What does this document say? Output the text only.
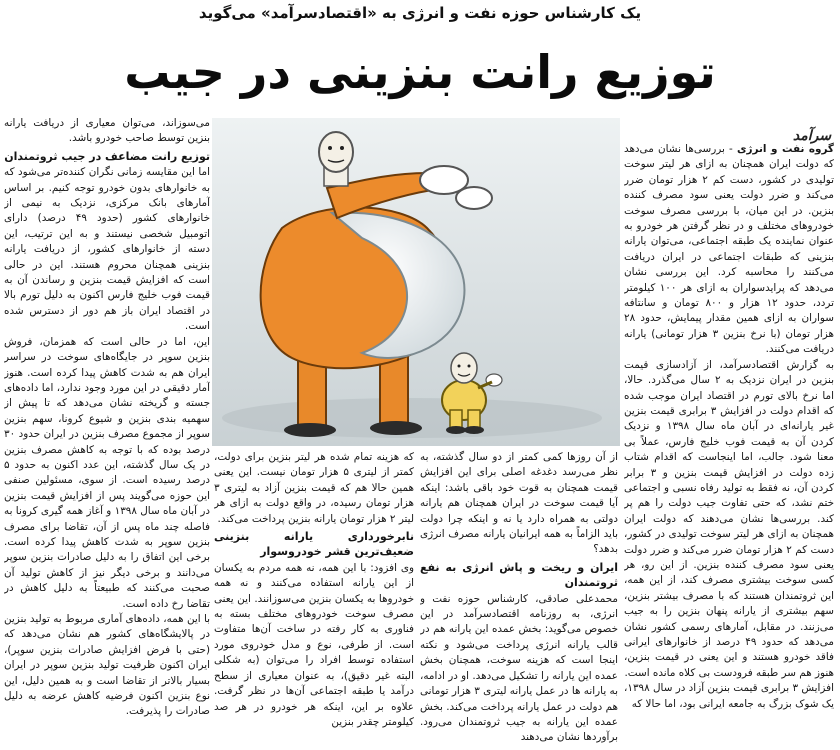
یک کارشناس حوزه نفت و انرژی به «اقتصادسرآمد» می‌گوید
توزیع رانت بنزینی در جیب
سرآمد

گروه نفت و انرژی - بررسی‌ها نشان می‌دهد که دولت ایران همچنان به ازای هر لیتر سوخت تولیدی در کشور، دست کم ۲ هزار تومان ضرر می‌کند و ضرر دولت یعنی سود مصرف کننده بنزین. در این میان، با بررسی مصرف سوخت خودروهای مختلف و در نظر گرفتن هر خودرو به عنوان نماینده یک طبقه اجتماعی، می‌توان یارانه بنزینی که طبقات اجتماعی در ایران دریافت می‌کنند را محاسبه کرد. این بررسی نشان می‌دهد که پرایدسواران به ازای هر ۱۰۰ کیلومتر تردد، حدود ۱۲ هزار و ۸۰۰ تومان و سانتافه سواران به ازای همین مقدار پیمایش، حدود ۲۸ هزار تومان (با نرخ بنزین ۳ هزار تومانی) یارانه دریافت می‌کنند.

به گزارش اقتصادسرآمد، از آزادسازی قیمت بنزین در ایران نزدیک به ۲ سال می‌گذرد. حالا، اما نرخ بالای تورم در اقتصاد ایران موجب شده که اقدام دولت در افزایش ۳ برابری قیمت بنزین غیر یارانه‌ای در آبان ماه سال ۱۳۹۸ و نزدیک کردن آن به قیمت فوب خلیج فارس، عملاً بی معنا شود. جالب، اما اینجاست که اقدام شتاب زده دولت در افزایش قیمت بنزین و ۳ برابر کردن آن، نه فقط به تولید رفاه نسبی و اجتماعی ختم نشد، که حتی تفاوت جیب دولت را هم پر کند. بررسی‌ها نشان می‌دهند که دولت ایران همچنان به ازای هر لیتر سوخت تولیدی در کشور، دست کم ۲ هزار تومان ضرر می‌کند و ضرر دولت یعنی سود مصرف کننده بنزین. از این رو، هر کسی سوخت بیشتری مصرف کند، از این همه، این ثروتمندان هستند که با مصرف بیشتر بنزین، سهم بیشتری از یارانه پنهان بنزین را به جیب می‌زنند. در مقابل، آمارهای رسمی کشور نشان می‌دهد که حدود ۴۹ درصد از خانوارهای ایرانی فاقد خودرو هستند و این یعنی در قیمت بنزین، هنوز هم سر طبقه فرودست بی کلاه مانده است.

افزایش ۳ برابری قیمت بنزین آزاد در سال ۱۳۹۸، یک شوک بزرگ به جامعه ایرانی بود، اما حالا که

می‌سوزاند، می‌توان معیاری از دریافت یارانه بنزین توسط صاحب خودرو باشد.

توزیع رانت مضاعف در جیب ثروتمندان

اما این مقایسه زمانی نگران کننده‌تر می‌شود که به خانوارهای بدون خودرو توجه کنیم. بر اساس آمارهای بانک مرکزی، نزدیک به نیمی از خانوارهای کشور (حدود ۴۹ درصد) دارای اتومبیل شخصی نیستند و به این ترتیب، این دسته از خانوارهای کشور، از دریافت یارانه بنزینی همچنان محروم هستند. این در حالی است که افزایش قیمت بنزین و رساندن آن به قیمت فوب خلیج فارس اکنون به دلیل تورم بالا در اقتصاد ایران باز هم دور از دسترس شده است.

این، اما در حالی است که همزمان، فروش بنزین سوپر در جایگاه‌های سوخت در سراسر ایران هم به شدت کاهش پیدا کرده است. هنوز آمار دقیقی در این مورد وجود ندارد، اما داده‌های جسته و گریخته نشان می‌دهد که تا پیش از سهمیه بندی بنزین و شیوع کرونا، سهم بنزین سوپر از مجموع مصرف بنزین در ایران حدود ۳۰ درصد بوده که با توجه به کاهش مصرف بنزین در یک سال گذشته، این عدد اکنون به حدود ۵ درصد رسیده است. از سوی، مسئولین صنفی این حوزه می‌گویند پس از افزایش قیمت بنزین در آبان ماه سال ۱۳۹۸ و آغاز همه گیری کرونا به فاصله چند ماه پس از آن، تقاضا برای مصرف بنزین سوپر به شدت کاهش پیدا کرده است. برخی این اتفاق را به دلیل صادرات بنزین سوپر می‌دانند و برخی دیگر نیز از کاهش تولید آن صحبت می‌کنند که طبیعتاً به دلیل کاهش در تقاضا رخ داده است.

با این همه، داده‌های آماری مربوط به تولید بنزین در پالایشگاه‌های کشور هم نشان می‌دهد که (حتی با فرض افزایش صادرات بنزین سوپر)، ایران اکنون ظرفیت تولید بنزین سوپر در ایران بسیار بالاتر از تقاضا است و به همین دلیل، این نوع بنزین اکنون فرضیه کاهش عرضه به دلیل صادرات را پذیرفت.

از آن روزها کمی کمتر از دو سال گذشته، به نظر می‌رسد دغدغه اصلی برای این افزایش قیمت همچنان به قوت خود باقی باشد: اینکه آیا قیمت سوخت در ایران همچنان هم یارانه دولتی به همراه دارد یا نه و اینکه چرا دولت باید الزاماً به همه ایرانیان یارانه مصرف انرژی بدهد؟

ایران و ریخت و پاش انرژی به نفع ثروتمندان

محمدعلی صادقی، کارشناس حوزه نفت و انرژی، به روزنامه اقتصادسرآمد در این خصوص می‌گوید: بخش عمده این یارانه هم در قالب یارانه انرژی پرداخت می‌شود و نکته اینجا است که هزینه سوخت، همچنان بخش عمده این یارانه را تشکیل می‌دهد. او در ادامه، به یارانه ها در عمل یارانه لیتری ۳ هزار تومانی هم دولت در عمل یارانه پرداخت می‌کند. بخش عمده این یارانه به جیب ثروتمندان می‌رود. برآوردها نشان می‌دهند

که هزینه تمام شده هر لیتر بنزین برای دولت، کمتر از لیتری ۵ هزار تومان نیست. این یعنی همین حالا هم که قیمت بنزین آزاد به لیتری ۳ هزار تومان رسیده، در واقع دولت به ازای هر لیتر ۲ هزار تومان یارانه بنزین پرداخت می‌کند.

نابرخورداری یارانه بنزینی ضعیف‌ترین قشر خودروسوار

وی افزود: با این همه، نه همه مردم به یکسان از این یارانه استفاده می‌کنند و نه همه خودروها به یکسان بنزین می‌سوزانند. این یعنی مصرف سوخت خودروهای مختلف بسته به فناوری به کار رفته در ساخت آن‌ها متفاوت است. از طرفی، نوع و مدل خودروی مورد استفاده توسط افراد را می‌توان (به شکلی البته غیر دقیق)، به عنوان معیاری از سطح درآمد یا طبقه اجتماعی آن‌ها در نظر گرفت. علاوه بر این، اینکه هر خودرو در هر صد کیلومتر چقدر بنزین
